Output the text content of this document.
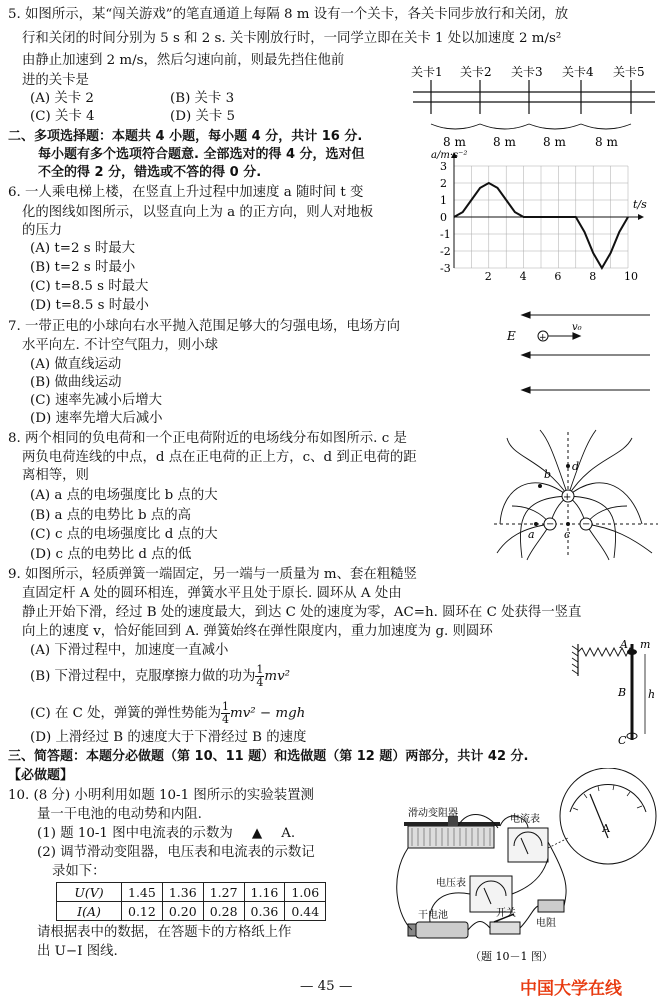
5. 如图所示，某“闯关游戏”的笔直通道上每隔 8 m 设有一个关卡，各关卡同步放行和关闭，放
行和关闭的时间分别为 5 s 和 2 s. 关卡刚放行时，一同学立即在关卡 1 处以加速度 2 m/s²
由静止加速到 2 m/s，然后匀速向前，则最先挡住他前
进的关卡是
(A) 关卡 2	(B) 关卡 3
(C) 关卡 4	(D) 关卡 5
关卡1 关卡2 关卡3 关卡4 关卡5
8 m 8 m 8 m 8 m
二、多项选择题：本题共 4 小题，每小题 4 分，共计 16 分.
每小题有多个选项符合题意. 全部选对的得 4 分，选对但
不全的得 2 分，错选或不答的得 0 分.
6. 一人乘电梯上楼，在竖直上升过程中加速度 a 随时间 t 变
化的图线如图所示，以竖直向上为 a 的正方向，则人对地板
的压力
(A) t=2 s 时最大
(B) t=2 s 时最小
(C) t=8.5 s 时最大
(D) t=8.5 s 时最小
2	4	6	8	10
3
2
1
0
-1
-2
-3
a/m·s⁻²
t/s
7. 一带正电的小球向右水平抛入范围足够大的匀强电场，电场方向
水平向左. 不计空气阻力，则小球
(A) 做直线运动
(B) 做曲线运动
(C) 速率先减小后增大
(D) 速率先增大后减小
+
E
v₀
8. 两个相同的负电荷和一个正电荷附近的电场线分布如图所示. c 是
两负电荷连线的中点，d 点在正电荷的正上方，c、d 到正电荷的距
离相等，则
(A) a 点的电场强度比 b 点的大
(B) a 点的电势比 b 点的高
(C) c 点的电场强度比 d 点的大
(D) c 点的电势比 d 点的低
+
−	−
d
b
a	c
9. 如图所示，轻质弹簧一端固定，另一端与一质量为 m、套在粗糙竖
直固定杆 A 处的圆环相连，弹簧水平且处于原长. 圆环从 A 处由
静止开始下滑，经过 B 处的速度最大，到达 C 处的速度为零，AC=h. 圆环在 C 处获得一竖直
向上的速度 v，恰好能回到 A. 弹簧始终在弹性限度内，重力加速度为 g. 则圆环
(A) 下滑过程中，加速度一直减小
(B) 下滑过程中，克服摩擦力做的功为 $\frac{1}{4} mv^2$
(C) 在 C 处，弹簧的弹性势能为 $\frac{1}{4} mv^2$ − mgh
(D) 上滑经过 B 的速度大于下滑经过 B 的速度
A m
B
C
h
三、简答题：本题分必做题（第 10、11 题）和选做题（第 12 题）两部分，共计 42 分.
【必做题】
10. (8 分) 小明利用如题 10-1 图所示的实验装置测
量一干电池的电动势和内阻.
(1) 题 10-1 图中电流表的示数为 ▲ A.
(2) 调节滑动变阻器，电压表和电流表的示数记
录如下：
U(V)	1.45	1.36	1.27	1.16	1.06
I(A)	0.12	0.20	0.28	0.36	0.44
请根据表中的数据，在答题卡的方格纸上作
出 U−I 图线.
滑动变阻器
电流表
A
电压表
干电池	开关
电阻
（题 10－1 图）
— 45 —	中国大学在线
